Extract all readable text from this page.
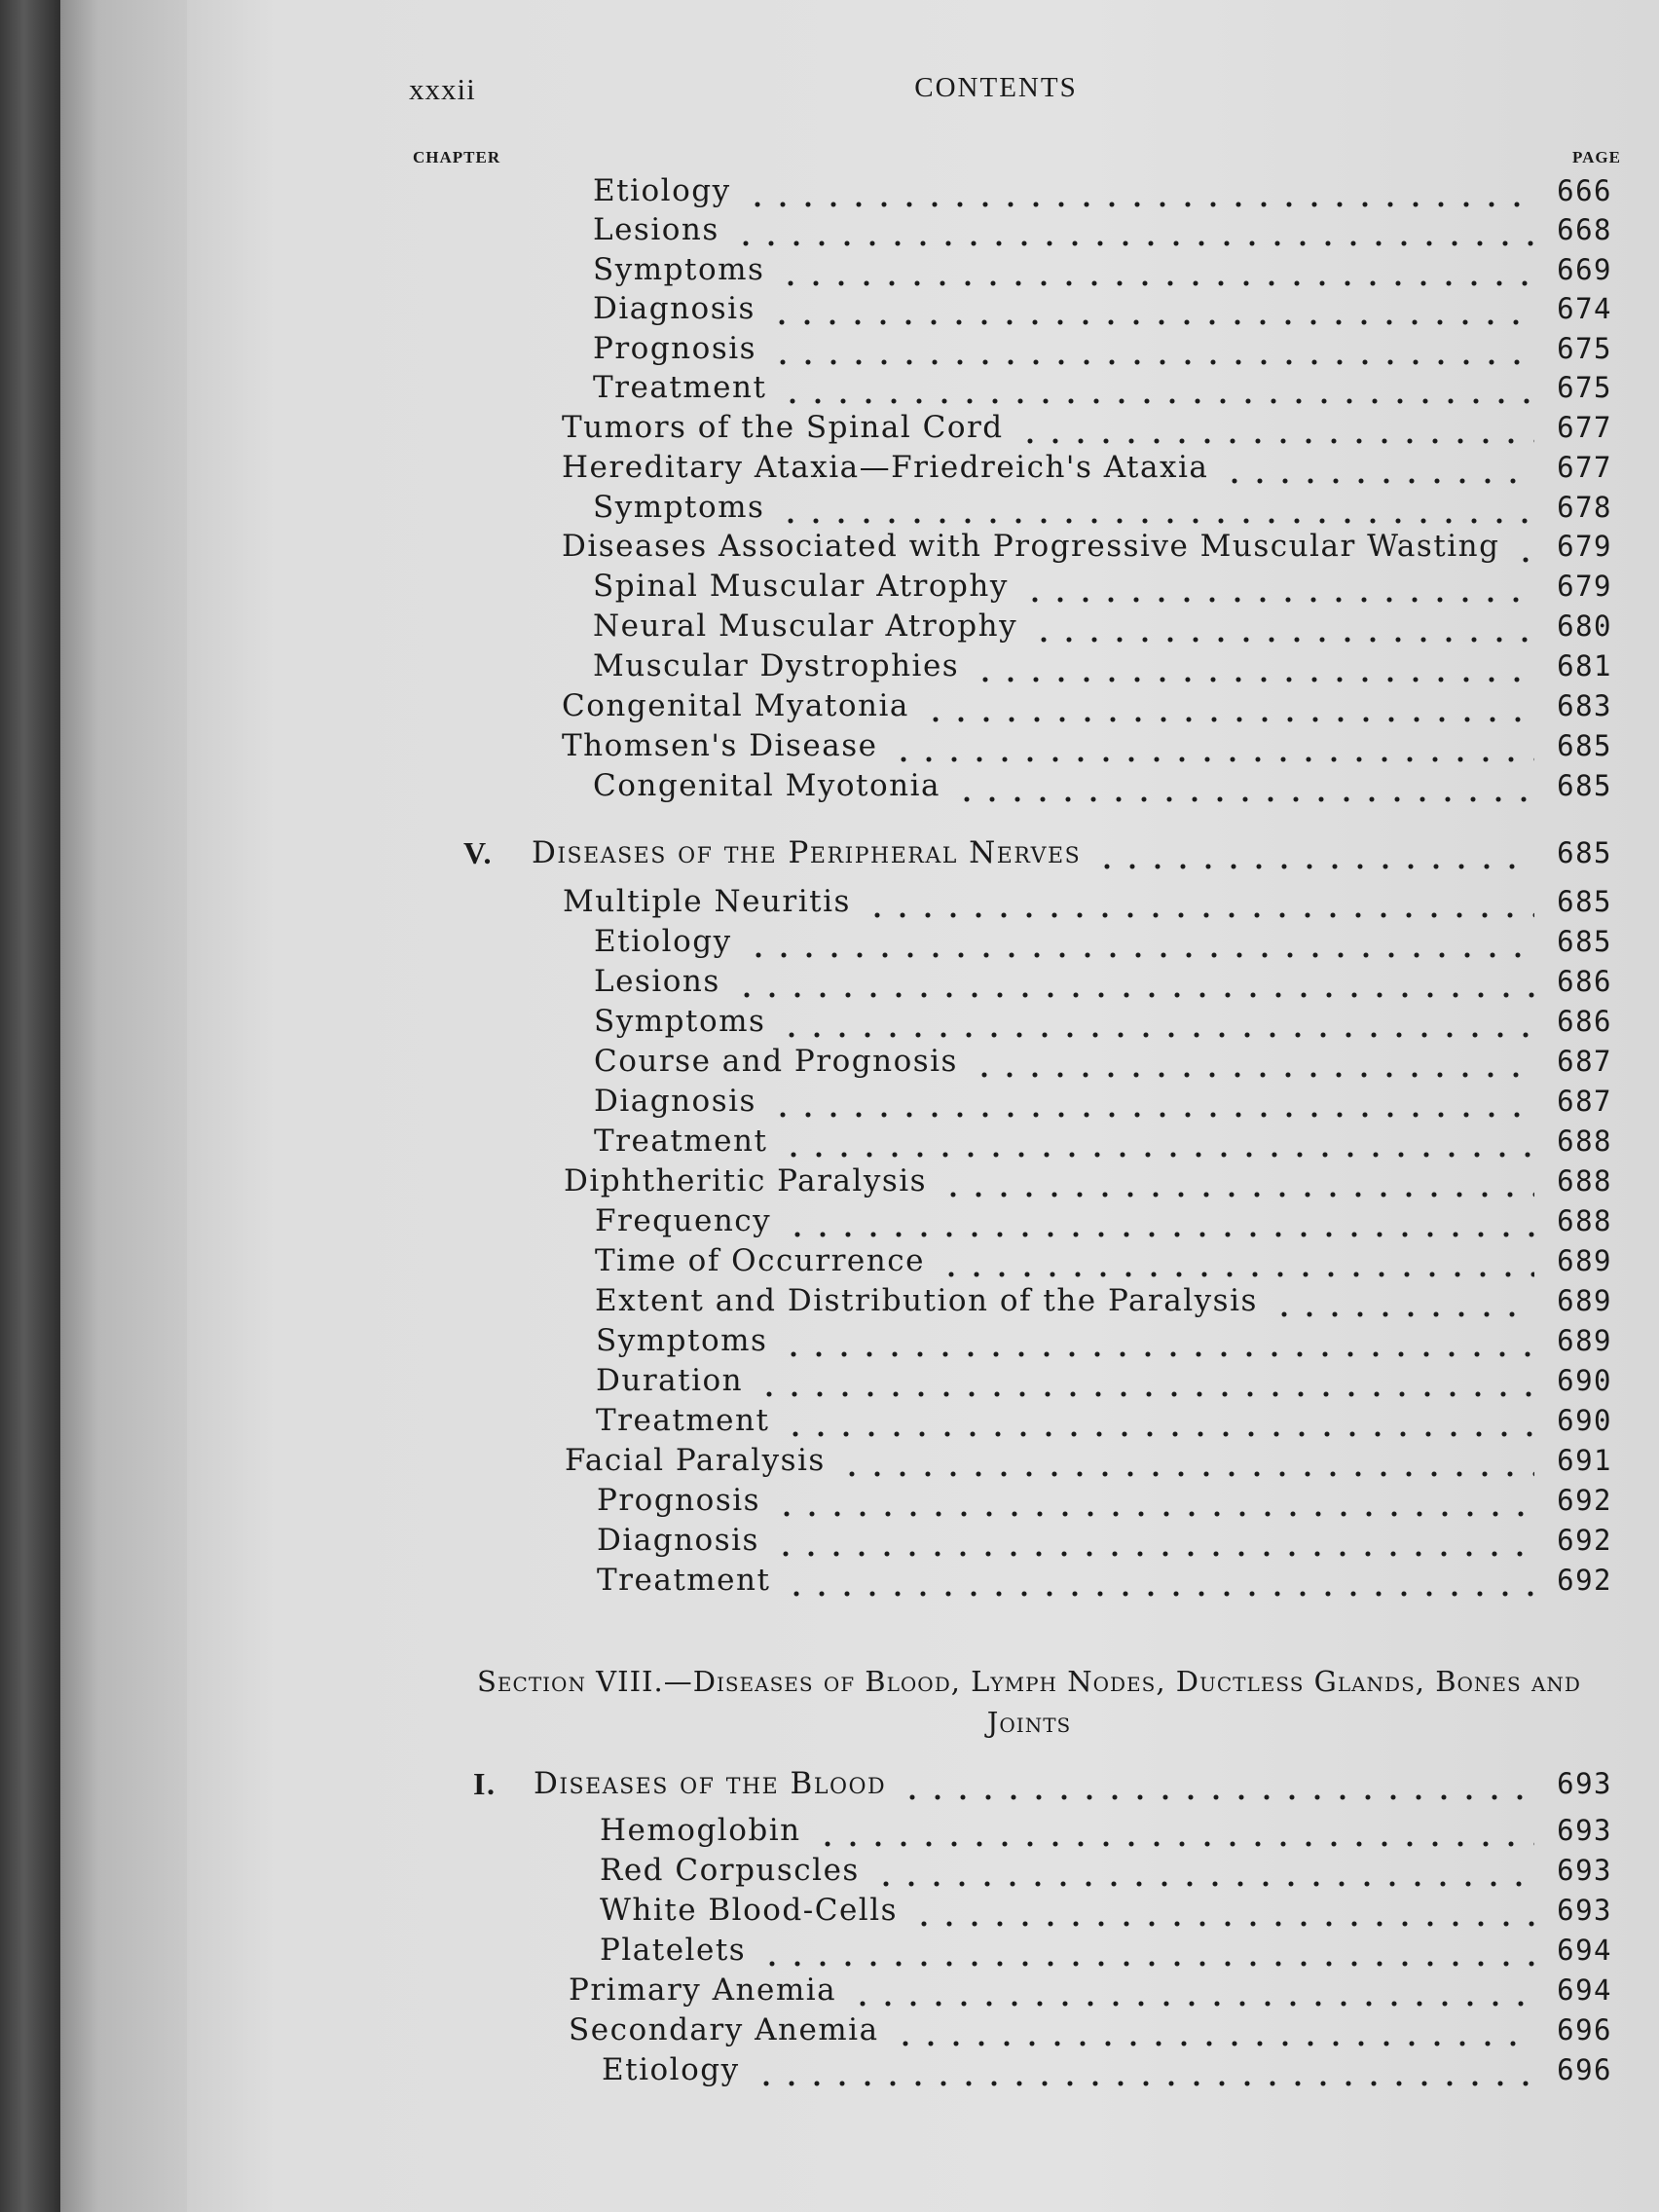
xxxii	CONTENTS
CHAPTER	PAGE
Etiology	666
Lesions	668
Symptoms	669
Diagnosis	674
Prognosis	675
Treatment	675
Tumors of the Spinal Cord	677
Hereditary Ataxia—Friedreich's Ataxia	677
Symptoms	678
Diseases Associated with Progressive Muscular Wasting 679
Spinal Muscular Atrophy	679
Neural Muscular Atrophy	680
Muscular Dystrophies	681
Congenital Myatonia	683
Thomsen's Disease	685
Congenital Myotonia	685
V. Diseases of the Peripheral Nerves	685
Multiple Neuritis	685
Etiology	685
Lesions	686
Symptoms	686
Course and Prognosis	687
Diagnosis	687
Treatment	688
Diphtheritic Paralysis	688
Frequency	688
Time of Occurrence	689
Extent and Distribution of the Paralysis	689
Symptoms	689
Duration	690
Treatment	690
Facial Paralysis	691
Prognosis	692
Diagnosis	692
Treatment	692
Section VIII.—Diseases of Blood, Lymph Nodes, Ductless Glands, Bones and
Joints
I. Diseases of the Blood	693
Hemoglobin	693
Red Corpuscles	693
White Blood-Cells	693
Platelets	694
Primary Anemia	694
Secondary Anemia	696
Etiology	696
